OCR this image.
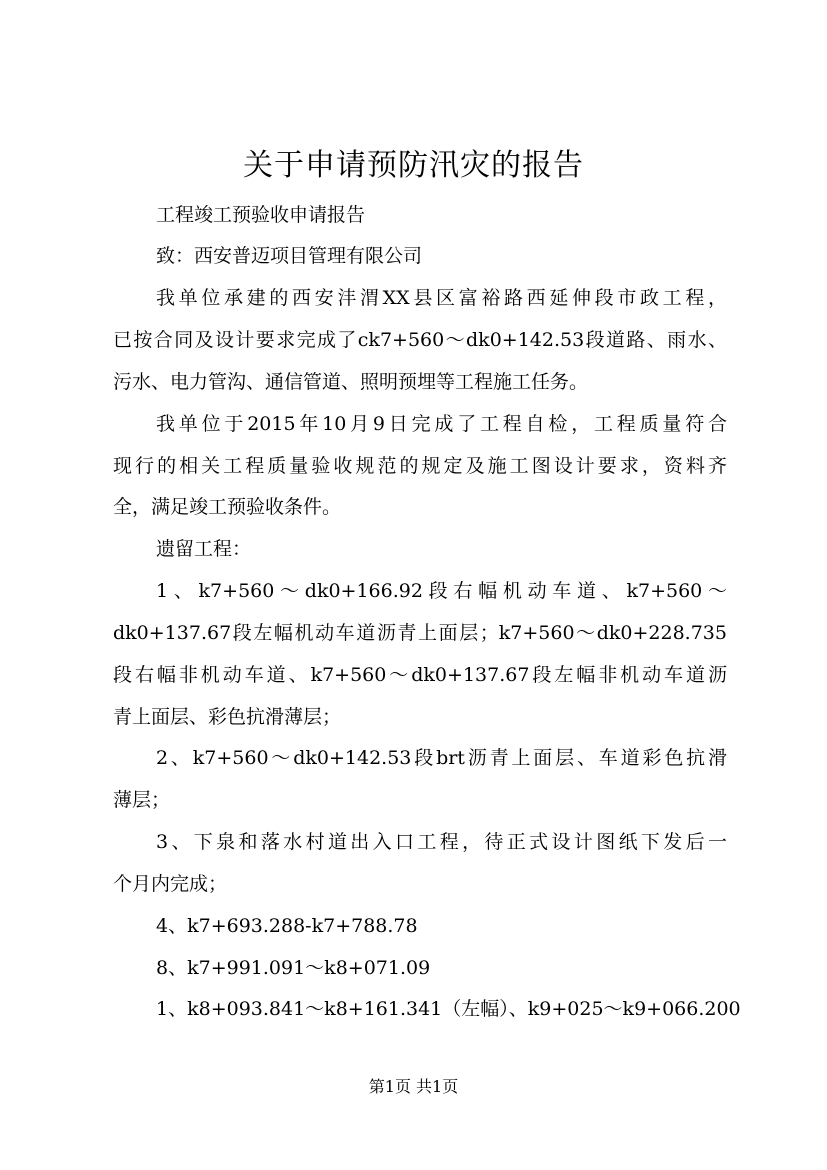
关于申请预防汛灾的报告

工程竣工预验收申请报告

致：西安普迈项目管理有限公司

我单位承建的西安沣渭XX县区富裕路西延伸段市政工程，

已按合同及设计要求完成了ck7+560～dk0+142.53段道路、雨水、

污水、电力管沟、通信管道、照明预埋等工程施工任务。

我单位于2015年10月9日完成了工程自检，工程质量符合

现行的相关工程质量验收规范的规定及施工图设计要求，资料齐

全，满足竣工预验收条件。

遗留工程：

1、k7+560～dk0+166.92段右幅机动车道、k7+560～

dk0+137.67段左幅机动车道沥青上面层；k7+560～dk0+228.735

段右幅非机动车道、k7+560～dk0+137.67段左幅非机动车道沥

青上面层、彩色抗滑薄层；

2、k7+560～dk0+142.53段brt沥青上面层、车道彩色抗滑

薄层；

3、下泉和落水村道出入口工程，待正式设计图纸下发后一

个月内完成；

4、k7+693.288-k7+788.78

8、k7+991.091～k8+071.09

1、k8+093.841～k8+161.341（左幅）、k9+025～k9+066.200

第1页 共1页
